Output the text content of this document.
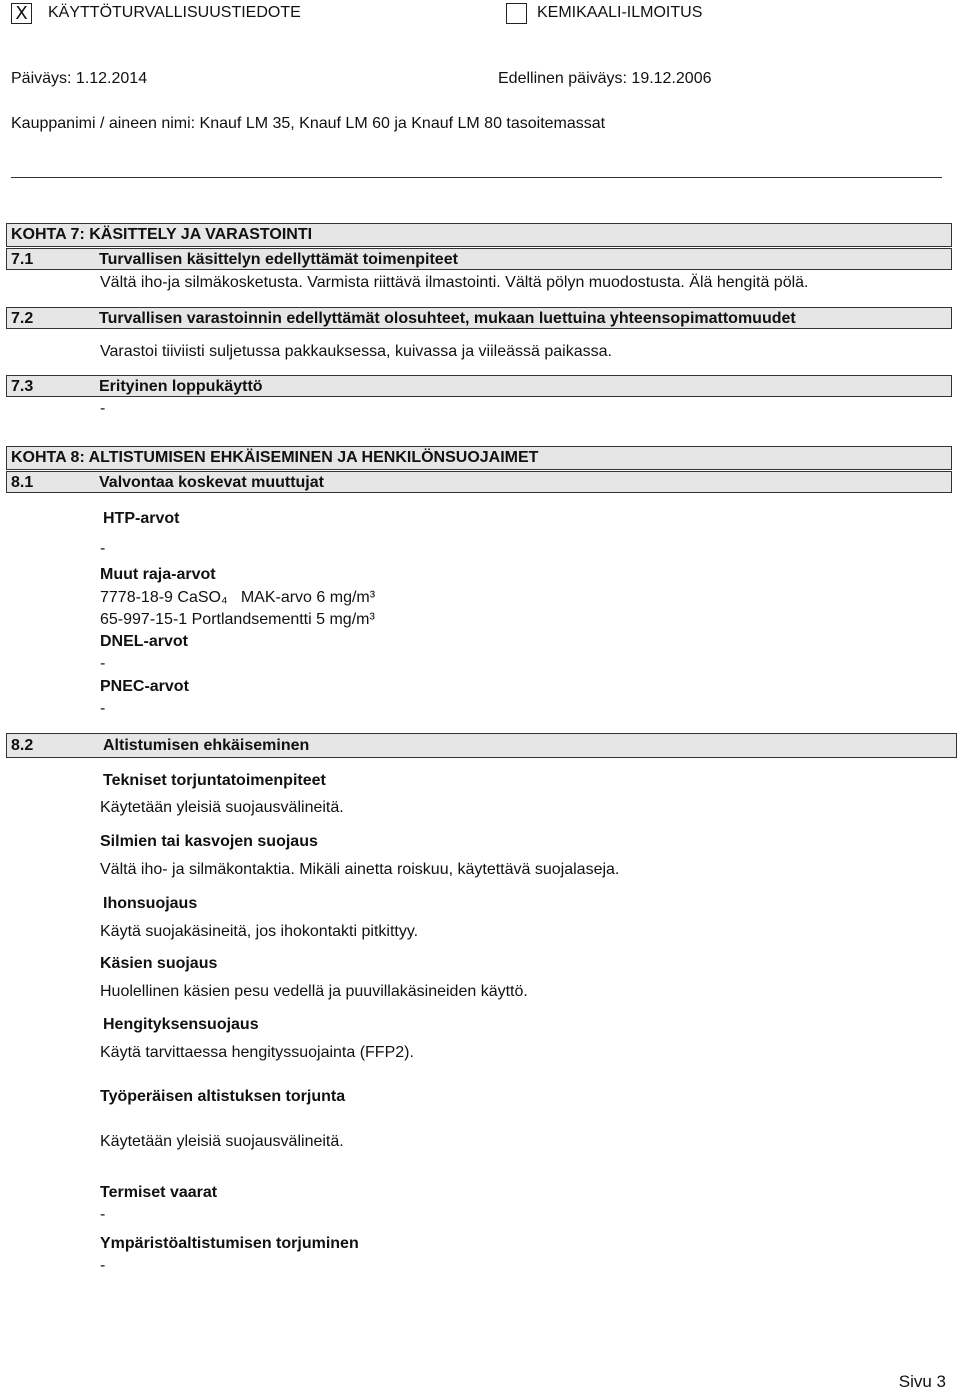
X KÄYTTÖTURVALLISUUSTIEDOTE	KEMIKAALI-ILMOITUS
Päiväys: 1.12.2014	Edellinen päiväys: 19.12.2006
Kauppanimi / aineen nimi: Knauf LM 35, Knauf LM 60 ja Knauf LM 80 tasoitemassat
KOHTA 7: KÄSITTELY JA VARASTOINTI
7.1	Turvallisen käsittelyn edellyttämät toimenpiteet
Vältä iho-ja silmäkosketusta. Varmista riittävä ilmastointi. Vältä pölyn muodostusta. Älä hengitä pölä.
7.2	Turvallisen varastoinnin edellyttämät olosuhteet, mukaan luettuina yhteensopimattomuudet
Varastoi tiiviisti suljetussa pakkauksessa, kuivassa ja viileässä paikassa.
7.3	Erityinen loppukäyttö
-
KOHTA 8: ALTISTUMISEN EHKÄISEMINEN JA HENKILÖNSUOJAIMET
8.1	Valvontaa koskevat muuttujat
HTP-arvot
-
Muut raja-arvot
7778-18-9 CaSO₄   MAK-arvo 6 mg/m³
65-997-15-1 Portlandsementti 5 mg/m³
DNEL-arvot
-
PNEC-arvot
-
8.2	Altistumisen ehkäiseminen
Tekniset torjuntatoimenpiteet
Käytetään yleisiä suojausvälineitä.
Silmien tai kasvojen suojaus
Vältä iho- ja silmäkontaktia. Mikäli ainetta roiskuu, käytettävä suojalaseja.
Ihonsuojaus
Käytä suojakäsineitä, jos ihokontakti pitkittyy.
Käsien suojaus
Huolellinen käsien pesu vedellä ja puuvillakäsineiden käyttö.
Hengityksensuojaus
Käytä tarvittaessa hengityssuojainta (FFP2).
Työperäisen altistuksen torjunta
Käytetään yleisiä suojausvälineitä.
Termiset vaarat
-
Ympäristöaltistumisen torjuminen
-
Sivu 3
